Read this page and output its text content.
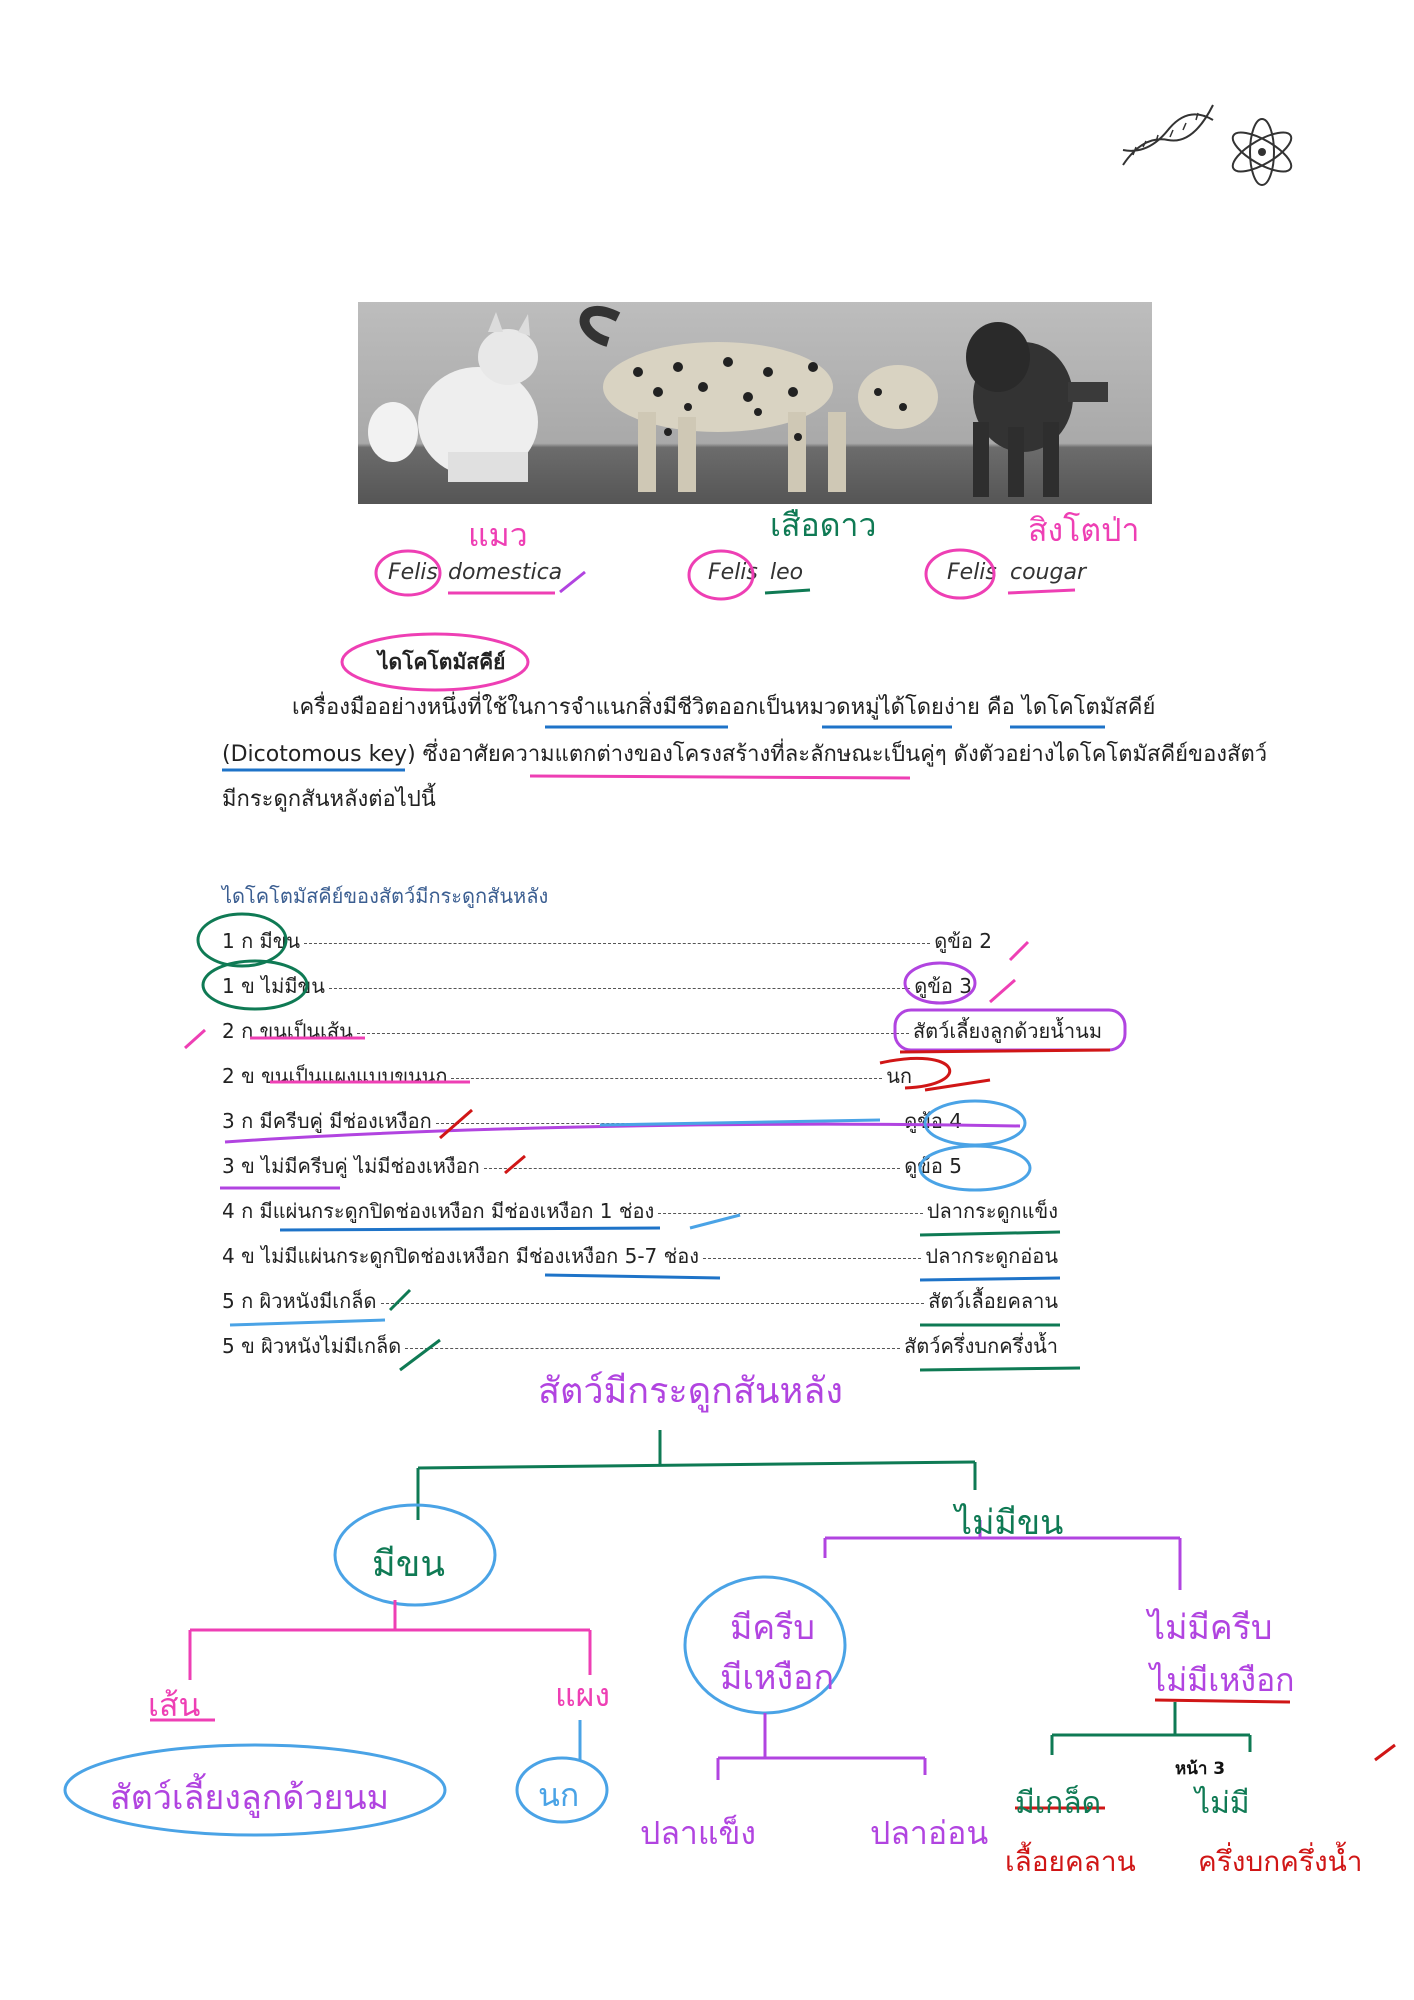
แมว	เสือดาว	สิงโตป่า
Felis domestica	Felis leo	Felis cougar
ไดโคโตมัสคีย์
เครื่องมืออย่างหนึ่งที่ใช้ในการจำแนกสิ่งมีชีวิตออกเป็นหมวดหมู่ได้โดยง่าย คือ ไดโคโตมัสคีย์
(Dicotomous key) ซึ่งอาศัยความแตกต่างของโครงสร้างที่ละลักษณะเป็นคู่ๆ ดังตัวอย่างไดโคโตมัสคีย์ของสัตว์
มีกระดูกสันหลังต่อไปนี้
ไดโคโตมัสคีย์ของสัตว์มีกระดูกสันหลัง
1 ก มีขน	ดูข้อ 2
1 ข ไม่มีขน	ดูข้อ 3
2 ก ขนเป็นเส้น	สัตว์เลี้ยงลูกด้วยน้ำนม
2 ข ขนเป็นแผงแบบขนนก	นก
3 ก มีครีบคู่ มีช่องเหงือก	ดูข้อ 4
3 ข ไม่มีครีบคู่ ไม่มีช่องเหงือก	ดูข้อ 5
4 ก มีแผ่นกระดูกปิดช่องเหงือก มีช่องเหงือก 1 ช่อง	ปลากระดูกแข็ง
4 ข ไม่มีแผ่นกระดูกปิดช่องเหงือก มีช่องเหงือก 5-7 ช่อง	ปลากระดูกอ่อน
5 ก ผิวหนังมีเกล็ด	สัตว์เลื้อยคลาน
5 ข ผิวหนังไม่มีเกล็ด	สัตว์ครึ่งบกครึ่งน้ำ
สัตว์มีกระดูกสันหลัง
มีขน
ไม่มีขน
เส้น	แผง
สัตว์เลี้ยงลูกด้วยนม	นก
มีครีบ
มีเหงือก
ไม่มีครีบ
ไม่มีเหงือก
ปลาแข็ง	ปลาอ่อน
มีเกล็ด	ไม่มี
เลื้อยคลาน ครึ่งบกครึ่งน้ำ
หน้า 3
